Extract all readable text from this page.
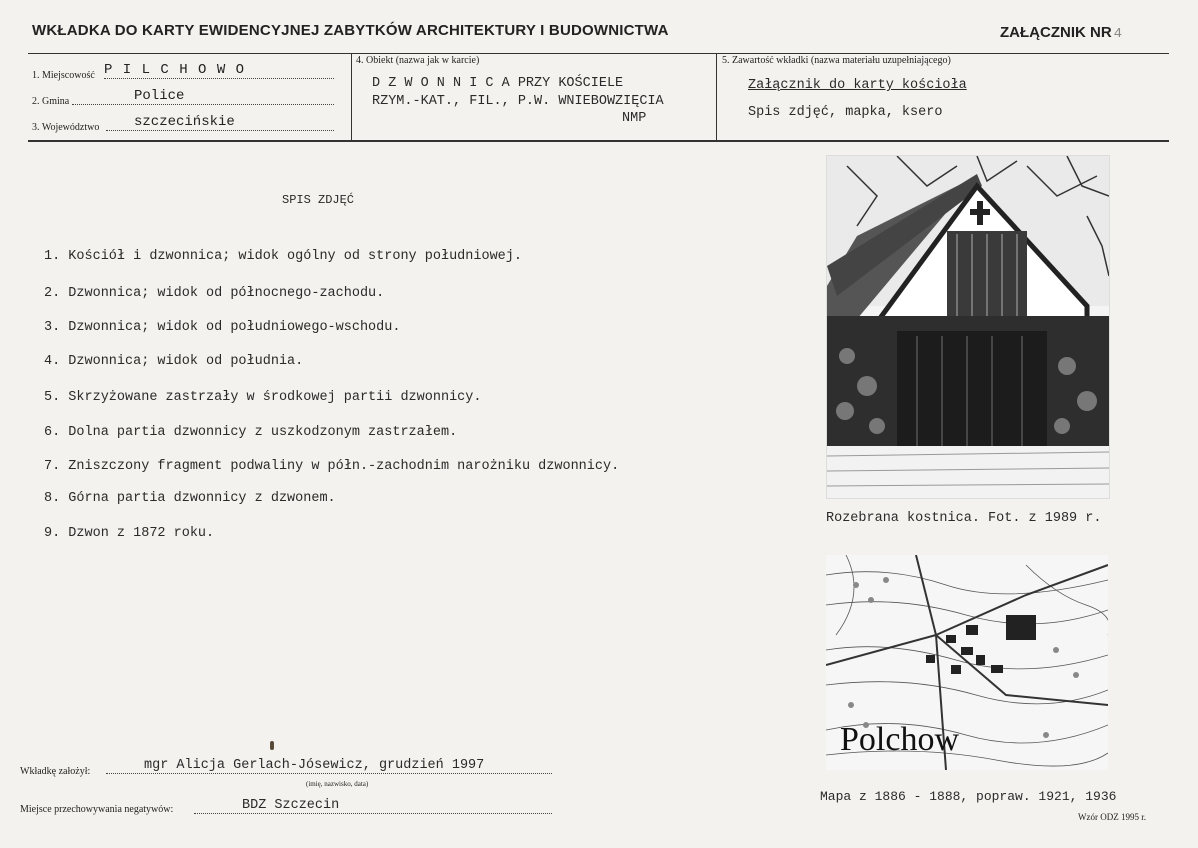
WKŁADKA DO KARTY EWIDENCYJNEJ ZABYTKÓW ARCHITEKTURY I BUDOWNICTWA	ZAŁĄCZNIK NR 4
1. Miejscowość P I L C H O W O
2. Gmina	Police
3. Województwo	szczecińskie
4. Obiekt (nazwa jak w karcie)
D Z W O N N I C A PRZY KOŚCIELE
RZYM.-KAT., FIL., P.W. WNIEBOWZIĘCIA
NMP
5. Zawartość wkładki (nazwa materiału uzupełniającego)
Załącznik do karty kościoła
Spis zdjęć, mapka, ksero
SPIS ZDJĘĆ
1. Kościół i dzwonnica; widok ogólny od strony południowej.
2. Dzwonnica; widok od północnego-zachodu.
3. Dzwonnica; widok od południowego-wschodu.
4. Dzwonnica; widok od południa.
5. Skrzyżowane zastrzały w środkowej partii dzwonnicy.
6. Dolna partia dzwonnicy z uszkodzonym zastrzałem.
7. Zniszczony fragment podwaliny w półn.-zachodnim narożniku dzwonnicy.
8. Górna partia dzwonnicy z dzwonem.
9. Dzwon z 1872 roku.
Rozebrana kostnica. Fot. z 1989 r.
Polchow
Mapa z 1886 - 1888, popraw. 1921, 1936
Wkładkę założył:	mgr Alicja Gerlach-Jósewicz, grudzień 1997
(imię, nazwisko, data)
Miejsce przechowywania negatywów:	BDZ Szczecin
Wzór ODZ 1995 r.
